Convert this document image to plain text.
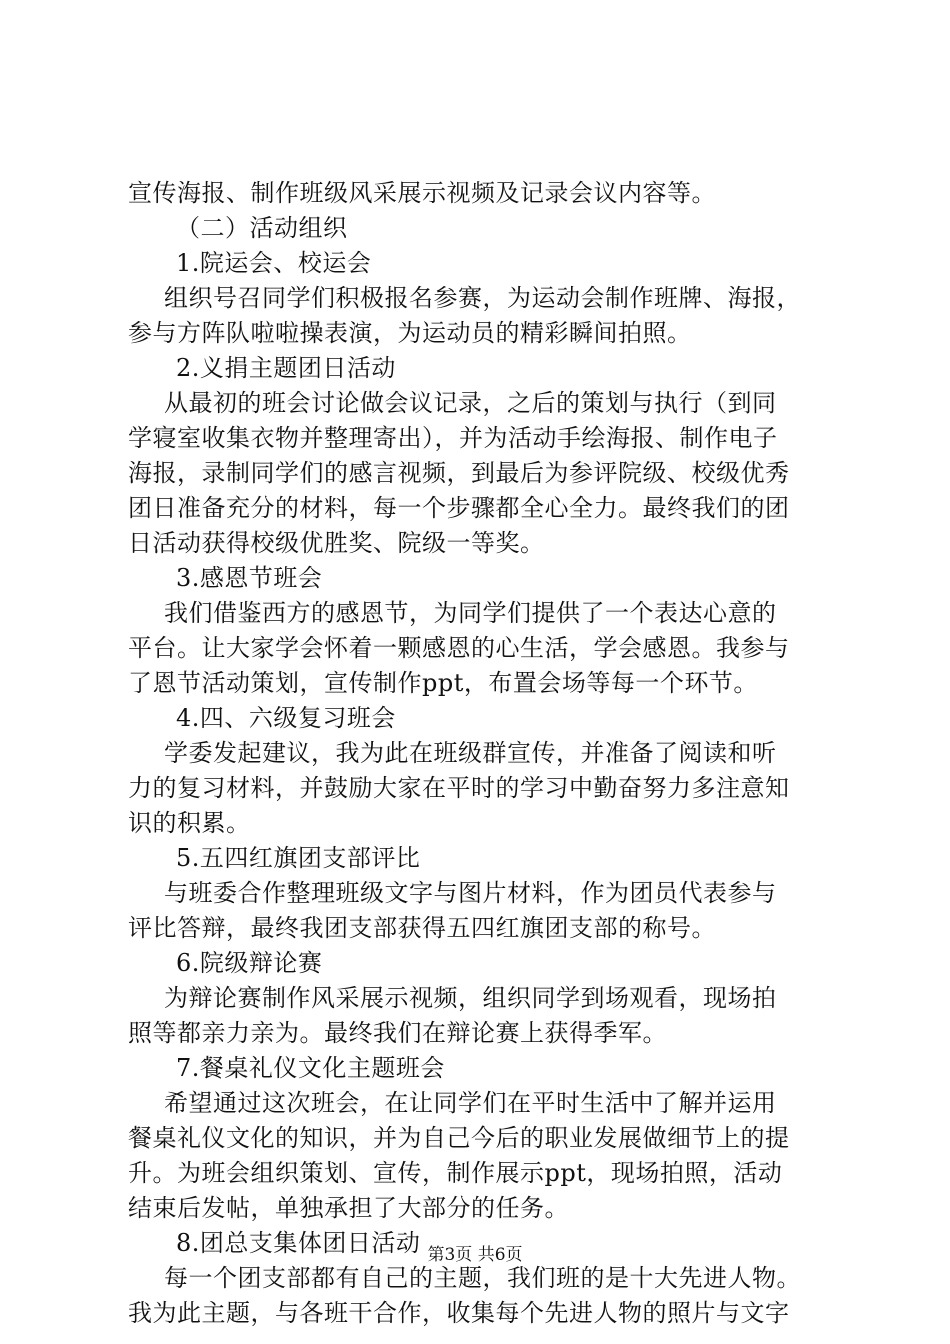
宣传海报、制作班级风采展示视频及记录会议内容等。
（二）活动组织
1.院运会、校运会
组织号召同学们积极报名参赛，为运动会制作班牌、海报，
参与方阵队啦啦操表演，为运动员的精彩瞬间拍照。
2.义捐主题团日活动
从最初的班会讨论做会议记录，之后的策划与执行（到同
学寝室收集衣物并整理寄出），并为活动手绘海报、制作电子
海报，录制同学们的感言视频，到最后为参评院级、校级优秀
团日准备充分的材料，每一个步骤都全心全力。最终我们的团
日活动获得校级优胜奖、院级一等奖。
3.感恩节班会
我们借鉴西方的感恩节，为同学们提供了一个表达心意的
平台。让大家学会怀着一颗感恩的心生活，学会感恩。我参与
了恩节活动策划，宣传制作ppt，布置会场等每一个环节。
4.四、六级复习班会
学委发起建议，我为此在班级群宣传，并准备了阅读和听
力的复习材料，并鼓励大家在平时的学习中勤奋努力多注意知
识的积累。
5.五四红旗团支部评比
与班委合作整理班级文字与图片材料，作为团员代表参与
评比答辩，最终我团支部获得五四红旗团支部的称号。
6.院级辩论赛
为辩论赛制作风采展示视频，组织同学到场观看，现场拍
照等都亲力亲为。最终我们在辩论赛上获得季军。
7.餐桌礼仪文化主题班会
希望通过这次班会，在让同学们在平时生活中了解并运用
餐桌礼仪文化的知识，并为自己今后的职业发展做细节上的提
升。为班会组织策划、宣传，制作展示ppt，现场拍照，活动
结束后发帖，单独承担了大部分的任务。
8.团总支集体团日活动
每一个团支部都有自己的主题，我们班的是十大先进人物。
我为此主题，与各班干合作，收集每个先进人物的照片与文字
第3页 共6页
